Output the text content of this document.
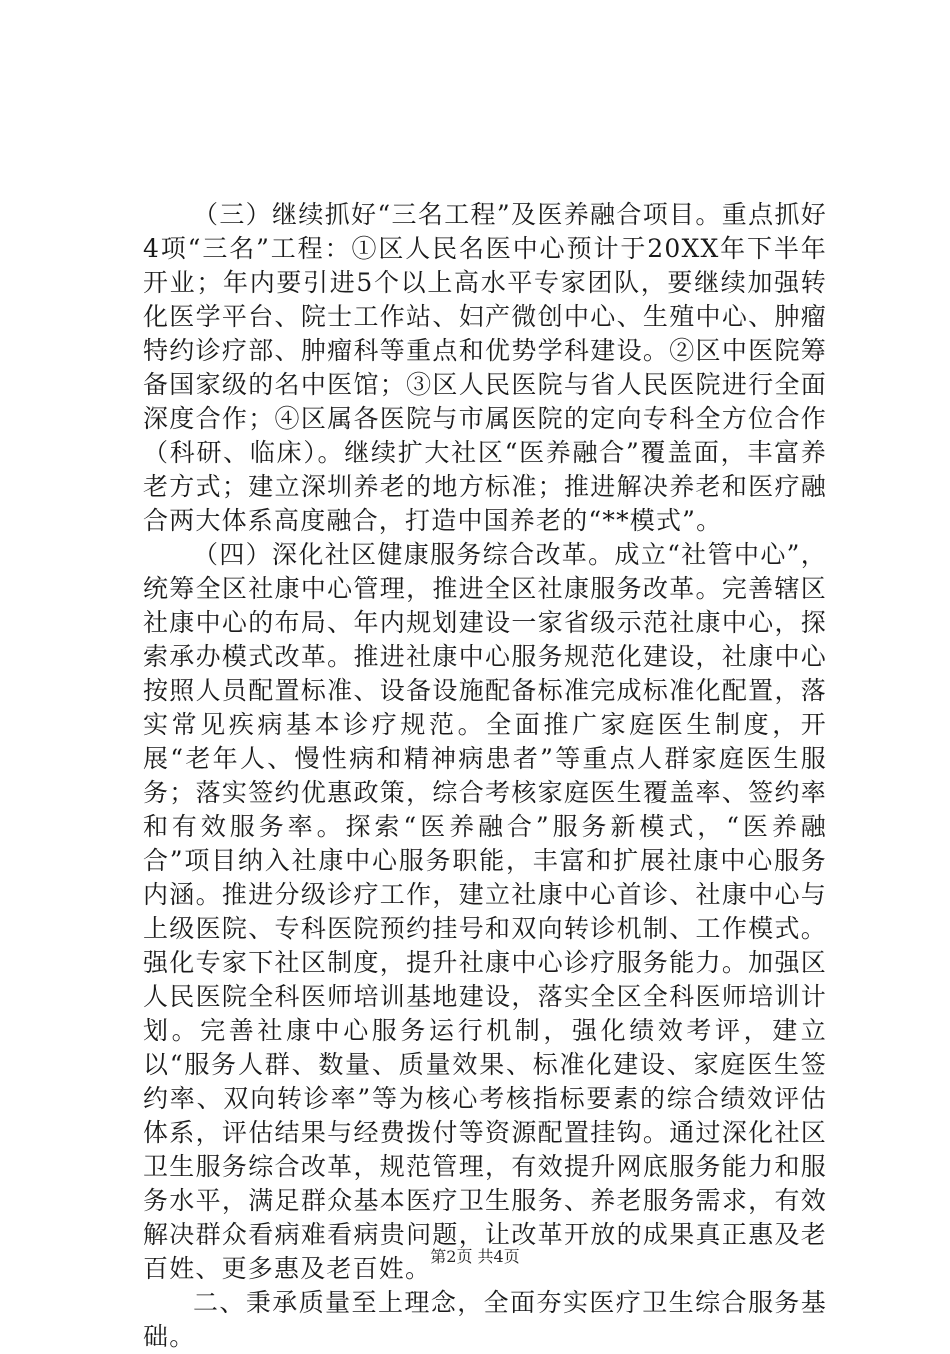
（三）继续抓好“三名工程”及医养融合项目。重点抓好4项“三名”工程：①区人民名医中心预计于20XX年下半年开业；年内要引进5个以上高水平专家团队，要继续加强转化医学平台、院士工作站、妇产微创中心、生殖中心、肿瘤特约诊疗部、肿瘤科等重点和优势学科建设。②区中医院筹备国家级的名中医馆；③区人民医院与省人民医院进行全面深度合作；④区属各医院与市属医院的定向专科全方位合作（科研、临床）。继续扩大社区“医养融合”覆盖面，丰富养老方式；建立深圳养老的地方标准；推进解决养老和医疗融合两大体系高度融合，打造中国养老的“**模式”。

（四）深化社区健康服务综合改革。成立“社管中心”，统筹全区社康中心管理，推进全区社康服务改革。完善辖区社康中心的布局、年内规划建设一家省级示范社康中心，探索承办模式改革。推进社康中心服务规范化建设，社康中心按照人员配置标准、设备设施配备标准完成标准化配置，落实常见疾病基本诊疗规范。全面推广家庭医生制度，开展“老年人、慢性病和精神病患者”等重点人群家庭医生服务；落实签约优惠政策，综合考核家庭医生覆盖率、签约率和有效服务率。探索“医养融合”服务新模式，“医养融合”项目纳入社康中心服务职能，丰富和扩展社康中心服务内涵。推进分级诊疗工作，建立社康中心首诊、社康中心与上级医院、专科医院预约挂号和双向转诊机制、工作模式。强化专家下社区制度，提升社康中心诊疗服务能力。加强区人民医院全科医师培训基地建设，落实全区全科医师培训计划。完善社康中心服务运行机制，强化绩效考评，建立以“服务人群、数量、质量效果、标准化建设、家庭医生签约率、双向转诊率”等为核心考核指标要素的综合绩效评估体系，评估结果与经费拨付等资源配置挂钩。通过深化社区卫生服务综合改革，规范管理，有效提升网底服务能力和服务水平，满足群众基本医疗卫生服务、养老服务需求，有效解决群众看病难看病贵问题，让改革开放的成果真正惠及老百姓、更多惠及老百姓。

二、秉承质量至上理念，全面夯实医疗卫生综合服务基础。

第2页 共4页
